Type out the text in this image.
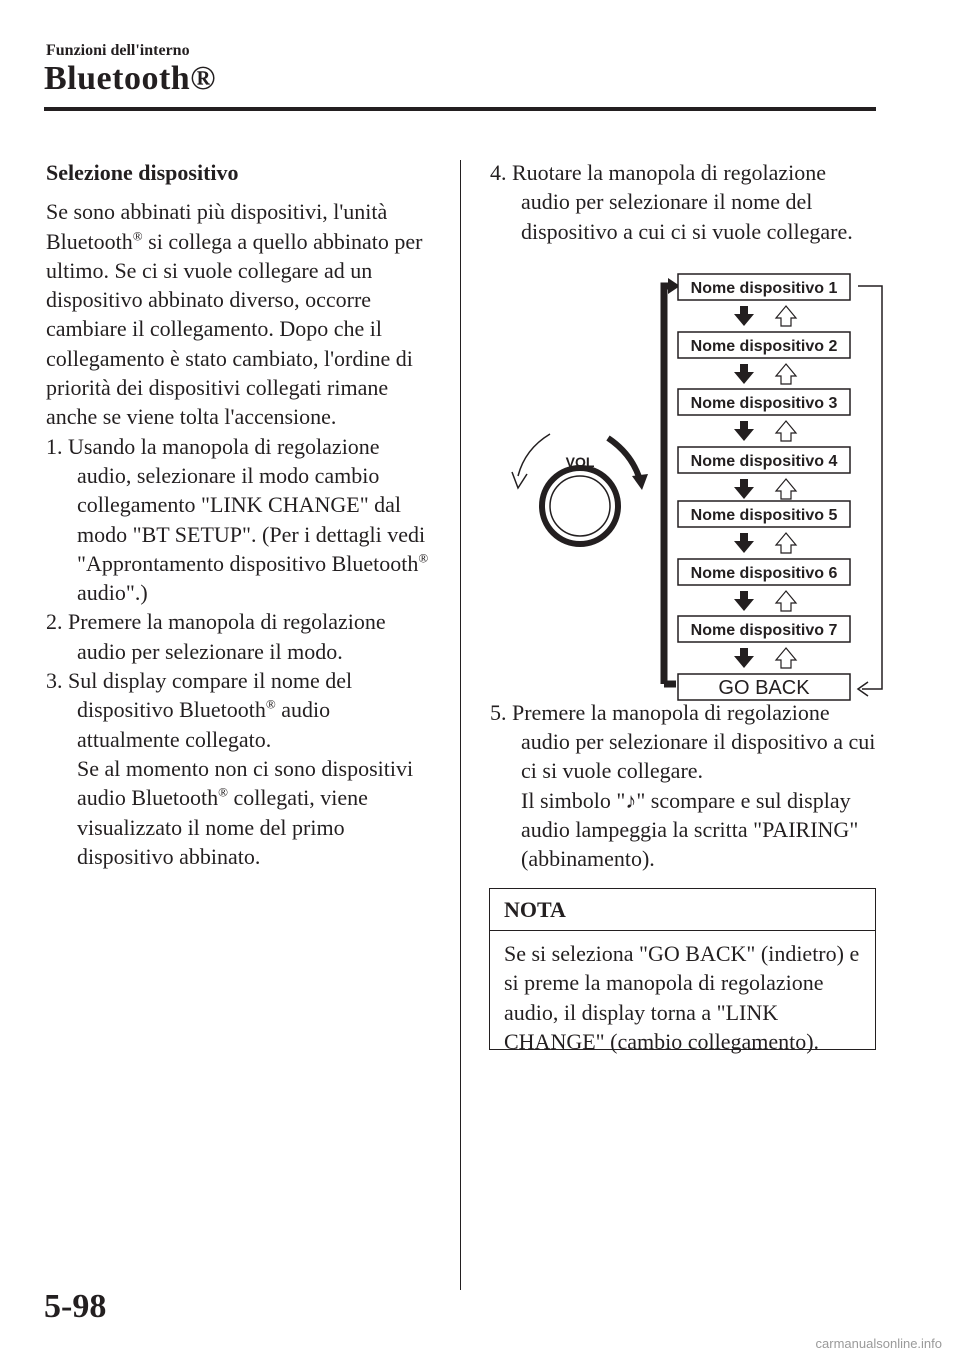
Funzioni dell'interno
Bluetooth®

Selezione dispositivo

Se sono abbinati più dispositivi, l'unità Bluetooth® si collega a quello abbinato per ultimo. Se ci si vuole collegare ad un dispositivo abbinato diverso, occorre cambiare il collegamento. Dopo che il collegamento è stato cambiato, l'ordine di priorità dei dispositivi collegati rimane anche se viene tolta l'accensione.

1. Usando la manopola di regolazione audio, selezionare il modo cambio collegamento "LINK CHANGE" dal modo "BT SETUP". (Per i dettagli vedi "Approntamento dispositivo Bluetooth® audio".)

2. Premere la manopola di regolazione audio per selezionare il modo.

3. Sul display compare il nome del dispositivo Bluetooth® audio attualmente collegato.

Se al momento non ci sono dispositivi audio Bluetooth® collegati, viene visualizzato il nome del primo dispositivo abbinato.

4. Ruotare la manopola di regolazione audio per selezionare il nome del dispositivo a cui ci si vuole collegare.

5. Premere la manopola di regolazione audio per selezionare il dispositivo a cui ci si vuole collegare.

Il simbolo "♪" scompare e sul display audio lampeggia la scritta "PAIRING" (abbinamento).

VOL
Nome dispositivo 1
Nome dispositivo 2
Nome dispositivo 3
Nome dispositivo 4
Nome dispositivo 5
Nome dispositivo 6
Nome dispositivo 7
GO BACK
NOTA
Se si seleziona "GO BACK" (indietro) e si preme la manopola di regolazione audio, il display torna a "LINK CHANGE" (cambio collegamento).
5-98
carmanualsonline.info
